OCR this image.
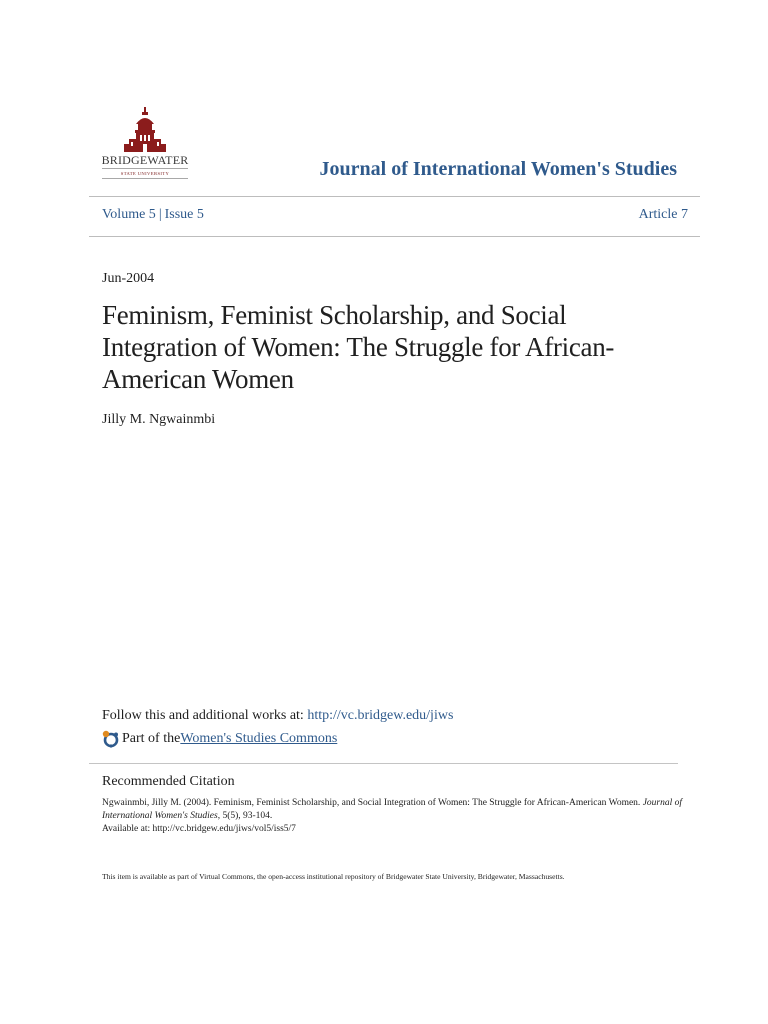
BRIDGEWATER
STATE UNIVERSITY	Journal of International Women's Studies
Volume 5 | Issue 5	Article 7
Jun-2004
Feminism, Feminist Scholarship, and Social Integration of Women: The Struggle for African-American Women
Jilly M. Ngwainmbi
Follow this and additional works at: http://vc.bridgew.edu/jiws
Part of the Women's Studies Commons
Recommended Citation
Ngwainmbi, Jilly M. (2004). Feminism, Feminist Scholarship, and Social Integration of Women: The Struggle for African-American Women. Journal of International Women's Studies, 5(5), 93-104.
Available at: http://vc.bridgew.edu/jiws/vol5/iss5/7
This item is available as part of Virtual Commons, the open-access institutional repository of Bridgewater State University, Bridgewater, Massachusetts.
